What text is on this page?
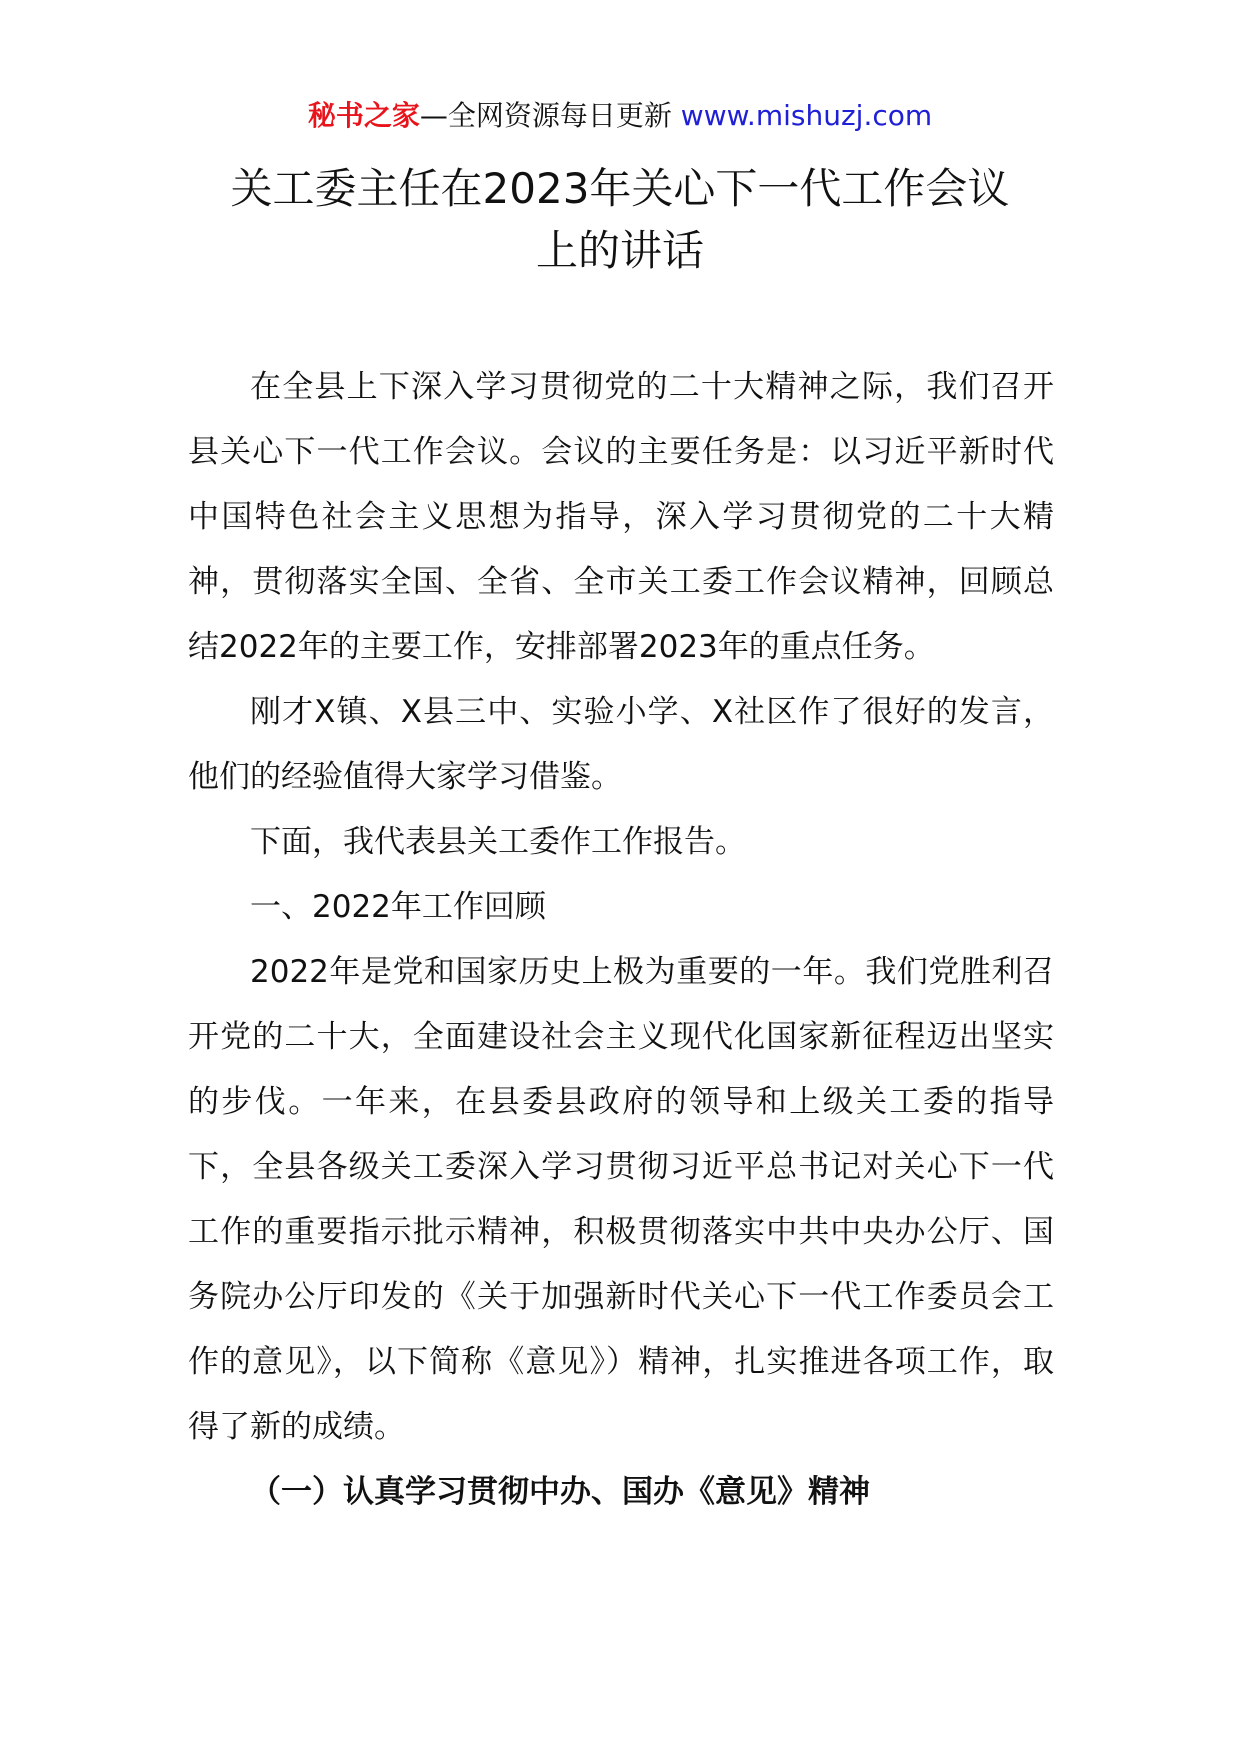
秘书之家—全网资源每日更新 www.mishuzj.com
关工委主任在2023年关心下一代工作会议
上的讲话

在全县上下深入学习贯彻党的二十大精神之际，我们召开县关心下一代工作会议。会议的主要任务是：以习近平新时代中国特色社会主义思想为指导，深入学习贯彻党的二十大精神，贯彻落实全国、全省、全市关工委工作会议精神，回顾总结2022年的主要工作，安排部署2023年的重点任务。

刚才X镇、X县三中、实验小学、X社区作了很好的发言，他们的经验值得大家学习借鉴。

下面，我代表县关工委作工作报告。

一、2022年工作回顾

2022年是党和国家历史上极为重要的一年。我们党胜利召开党的二十大，全面建设社会主义现代化国家新征程迈出坚实的步伐。一年来，在县委县政府的领导和上级关工委的指导下，全县各级关工委深入学习贯彻习近平总书记对关心下一代工作的重要指示批示精神，积极贯彻落实中共中央办公厅、国务院办公厅印发的《关于加强新时代关心下一代工作委员会工作的意见》，以下简称《意见》）精神，扎实推进各项工作，取得了新的成绩。

（一）认真学习贯彻中办、国办《意见》精神
